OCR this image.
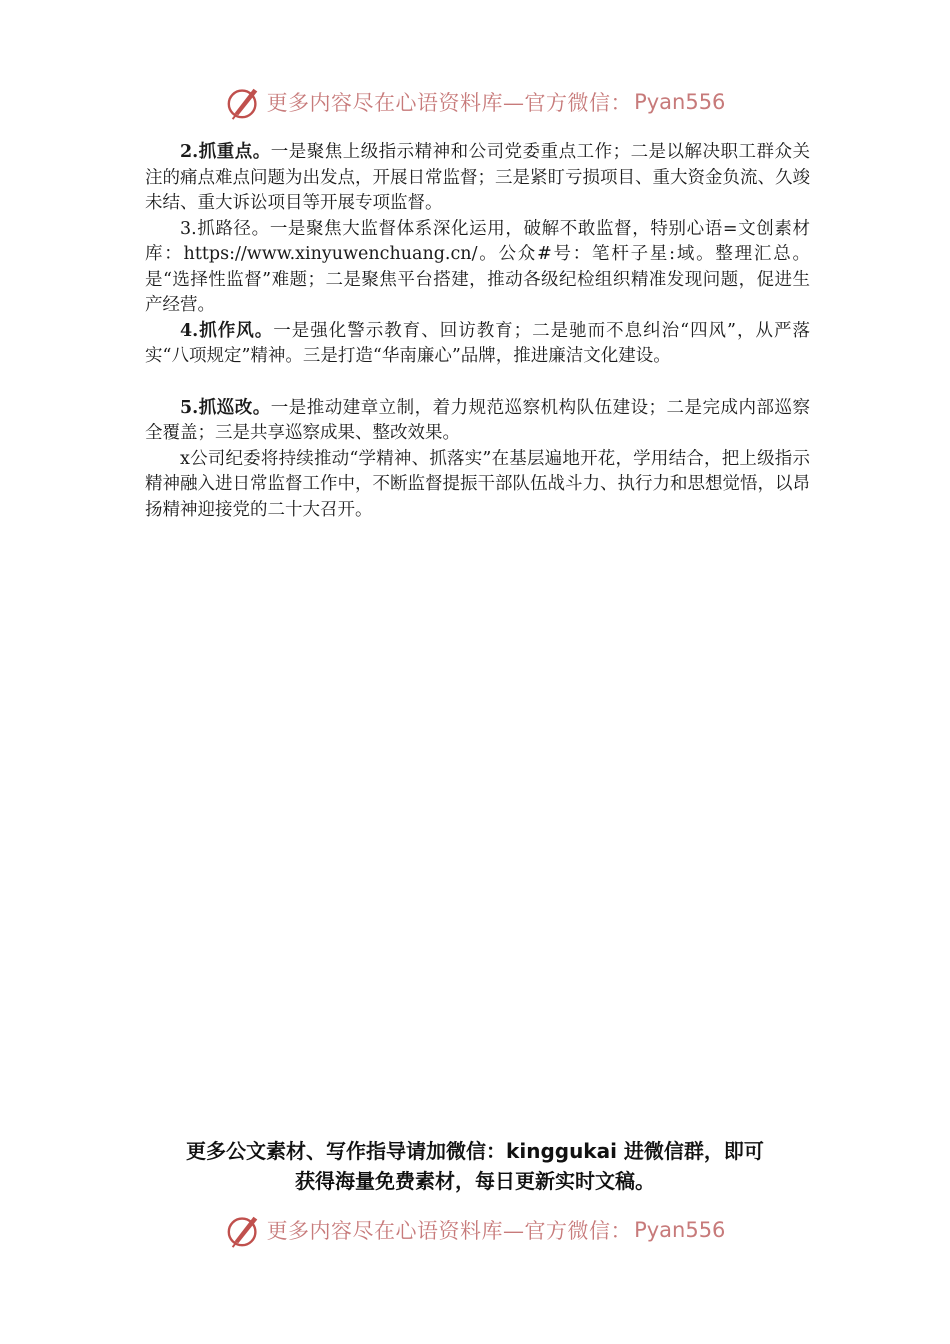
更多内容尽在心语资料库—官方微信： Pyan556

2.抓重点。一是聚焦上级指示精神和公司党委重点工作；二是以解决职工群众关注的痛点难点问题为出发点，开展日常监督；三是紧盯亏损项目、重大资金负流、久竣未结、重大诉讼项目等开展专项监督。

3.抓路径。一是聚焦大监督体系深化运用，破解不敢监督，特别心语=文创素材库：https://www.xinyuwenchuang.cn/。公众#号：笔杆子星:域。整理汇总。是“选择性监督”难题；二是聚焦平台搭建，推动各级纪检组织精准发现问题，促进生产经营。

4.抓作风。一是强化警示教育、回访教育；二是驰而不息纠治“四风”，从严落实“八项规定”精神。三是打造“华南廉心”品牌，推进廉洁文化建设。

5.抓巡改。一是推动建章立制，着力规范巡察机构队伍建设；二是完成内部巡察全覆盖；三是共享巡察成果、整改效果。

x公司纪委将持续推动“学精神、抓落实”在基层遍地开花，学用结合，把上级指示精神融入进日常监督工作中，不断监督提振干部队伍战斗力、执行力和思想觉悟，以昂扬精神迎接党的二十大召开。

更多公文素材、写作指导请加微信：kinggukai 进微信群，即可
获得海量免费素材，每日更新实时文稿。
更多内容尽在心语资料库—官方微信： Pyan556
